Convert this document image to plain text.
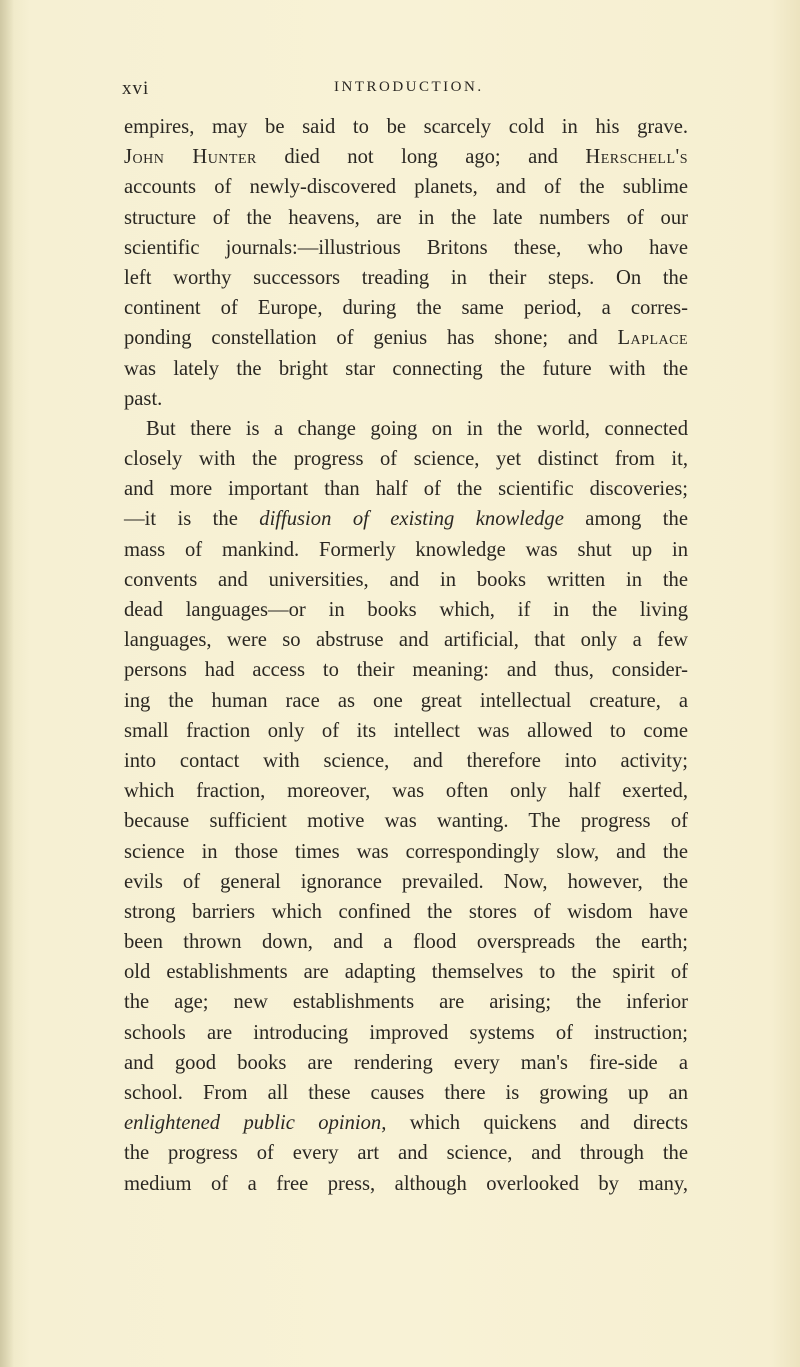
xvi	INTRODUCTION.
empires, may be said to be scarcely cold in his grave.
John Hunter died not long ago; and Herschell's
accounts of newly-discovered planets, and of the sublime
structure of the heavens, are in the late numbers of our
scientific journals:—illustrious Britons these, who have
left worthy successors treading in their steps. On the
continent of Europe, during the same period, a corres-
ponding constellation of genius has shone; and Laplace
was lately the bright star connecting the future with the
past.
But there is a change going on in the world, connected
closely with the progress of science, yet distinct from it,
and more important than half of the scientific discoveries;
—it is the diffusion of existing knowledge among the
mass of mankind. Formerly knowledge was shut up in
convents and universities, and in books written in the
dead languages—or in books which, if in the living
languages, were so abstruse and artificial, that only a few
persons had access to their meaning: and thus, consider-
ing the human race as one great intellectual creature, a
small fraction only of its intellect was allowed to come
into contact with science, and therefore into activity;
which fraction, moreover, was often only half exerted,
because sufficient motive was wanting. The progress of
science in those times was correspondingly slow, and the
evils of general ignorance prevailed. Now, however, the
strong barriers which confined the stores of wisdom have
been thrown down, and a flood overspreads the earth;
old establishments are adapting themselves to the spirit of
the age; new establishments are arising; the inferior
schools are introducing improved systems of instruction;
and good books are rendering every man's fire-side a
school. From all these causes there is growing up an
enlightened public opinion, which quickens and directs
the progress of every art and science, and through the
medium of a free press, although overlooked by many,
